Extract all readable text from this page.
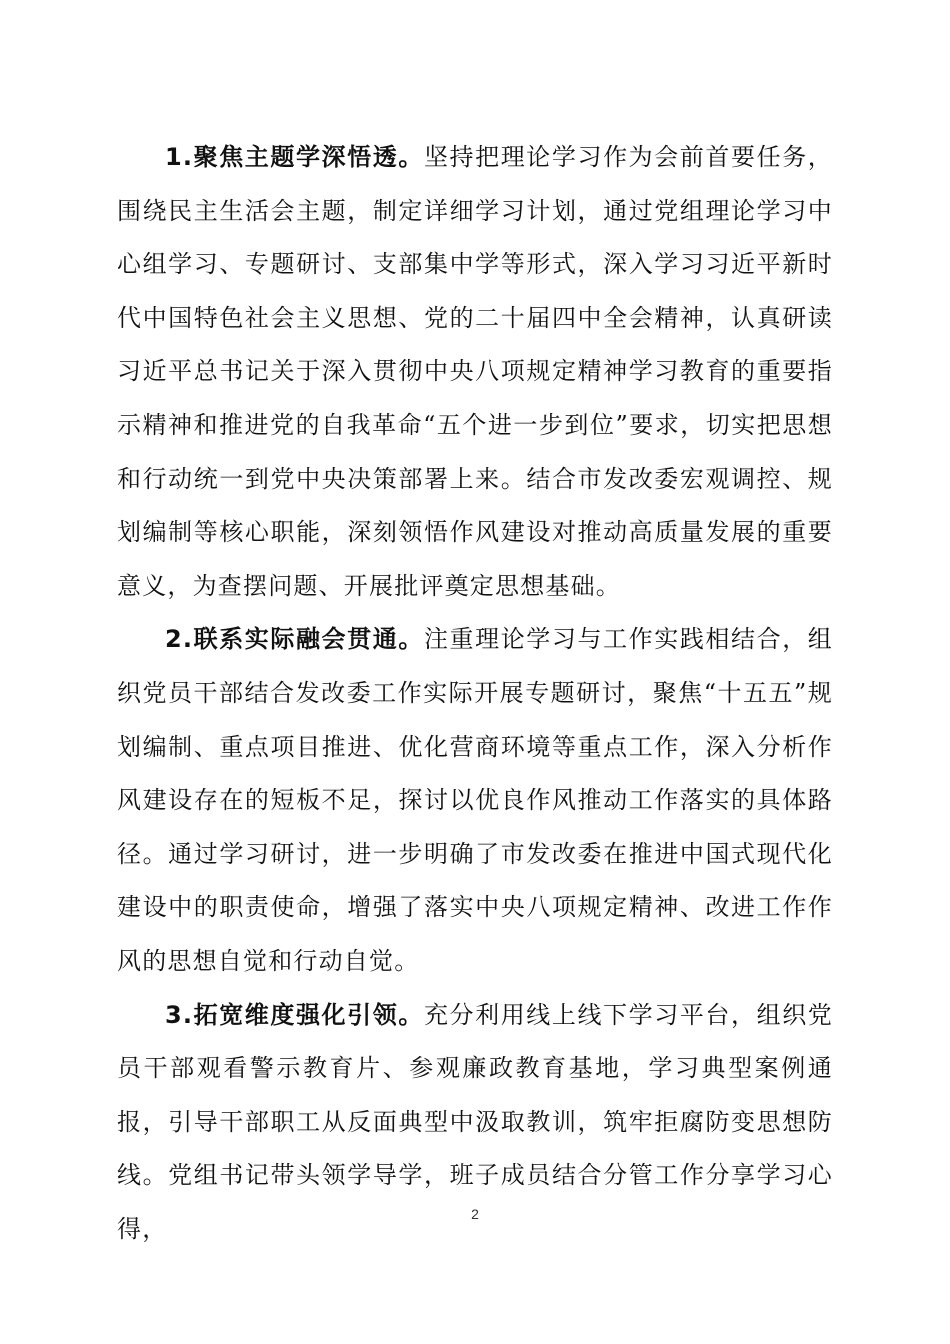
1.聚焦主题学深悟透。坚持把理论学习作为会前首要任务，围绕民主生活会主题，制定详细学习计划，通过党组理论学习中心组学习、专题研讨、支部集中学等形式，深入学习习近平新时代中国特色社会主义思想、党的二十届四中全会精神，认真研读习近平总书记关于深入贯彻中央八项规定精神学习教育的重要指示精神和推进党的自我革命“五个进一步到位”要求，切实把思想和行动统一到党中央决策部署上来。结合市发改委宏观调控、规划编制等核心职能，深刻领悟作风建设对推动高质量发展的重要意义，为查摆问题、开展批评奠定思想基础。

2.联系实际融会贯通。注重理论学习与工作实践相结合，组织党员干部结合发改委工作实际开展专题研讨，聚焦“十五五”规划编制、重点项目推进、优化营商环境等重点工作，深入分析作风建设存在的短板不足，探讨以优良作风推动工作落实的具体路径。通过学习研讨，进一步明确了市发改委在推进中国式现代化建设中的职责使命，增强了落实中央八项规定精神、改进工作作风的思想自觉和行动自觉。

3.拓宽维度强化引领。充分利用线上线下学习平台，组织党员干部观看警示教育片、参观廉政教育基地，学习典型案例通报，引导干部职工从反面典型中汲取教训，筑牢拒腐防变思想防线。党组书记带头领学导学，班子成员结合分管工作分享学习心得，

2
